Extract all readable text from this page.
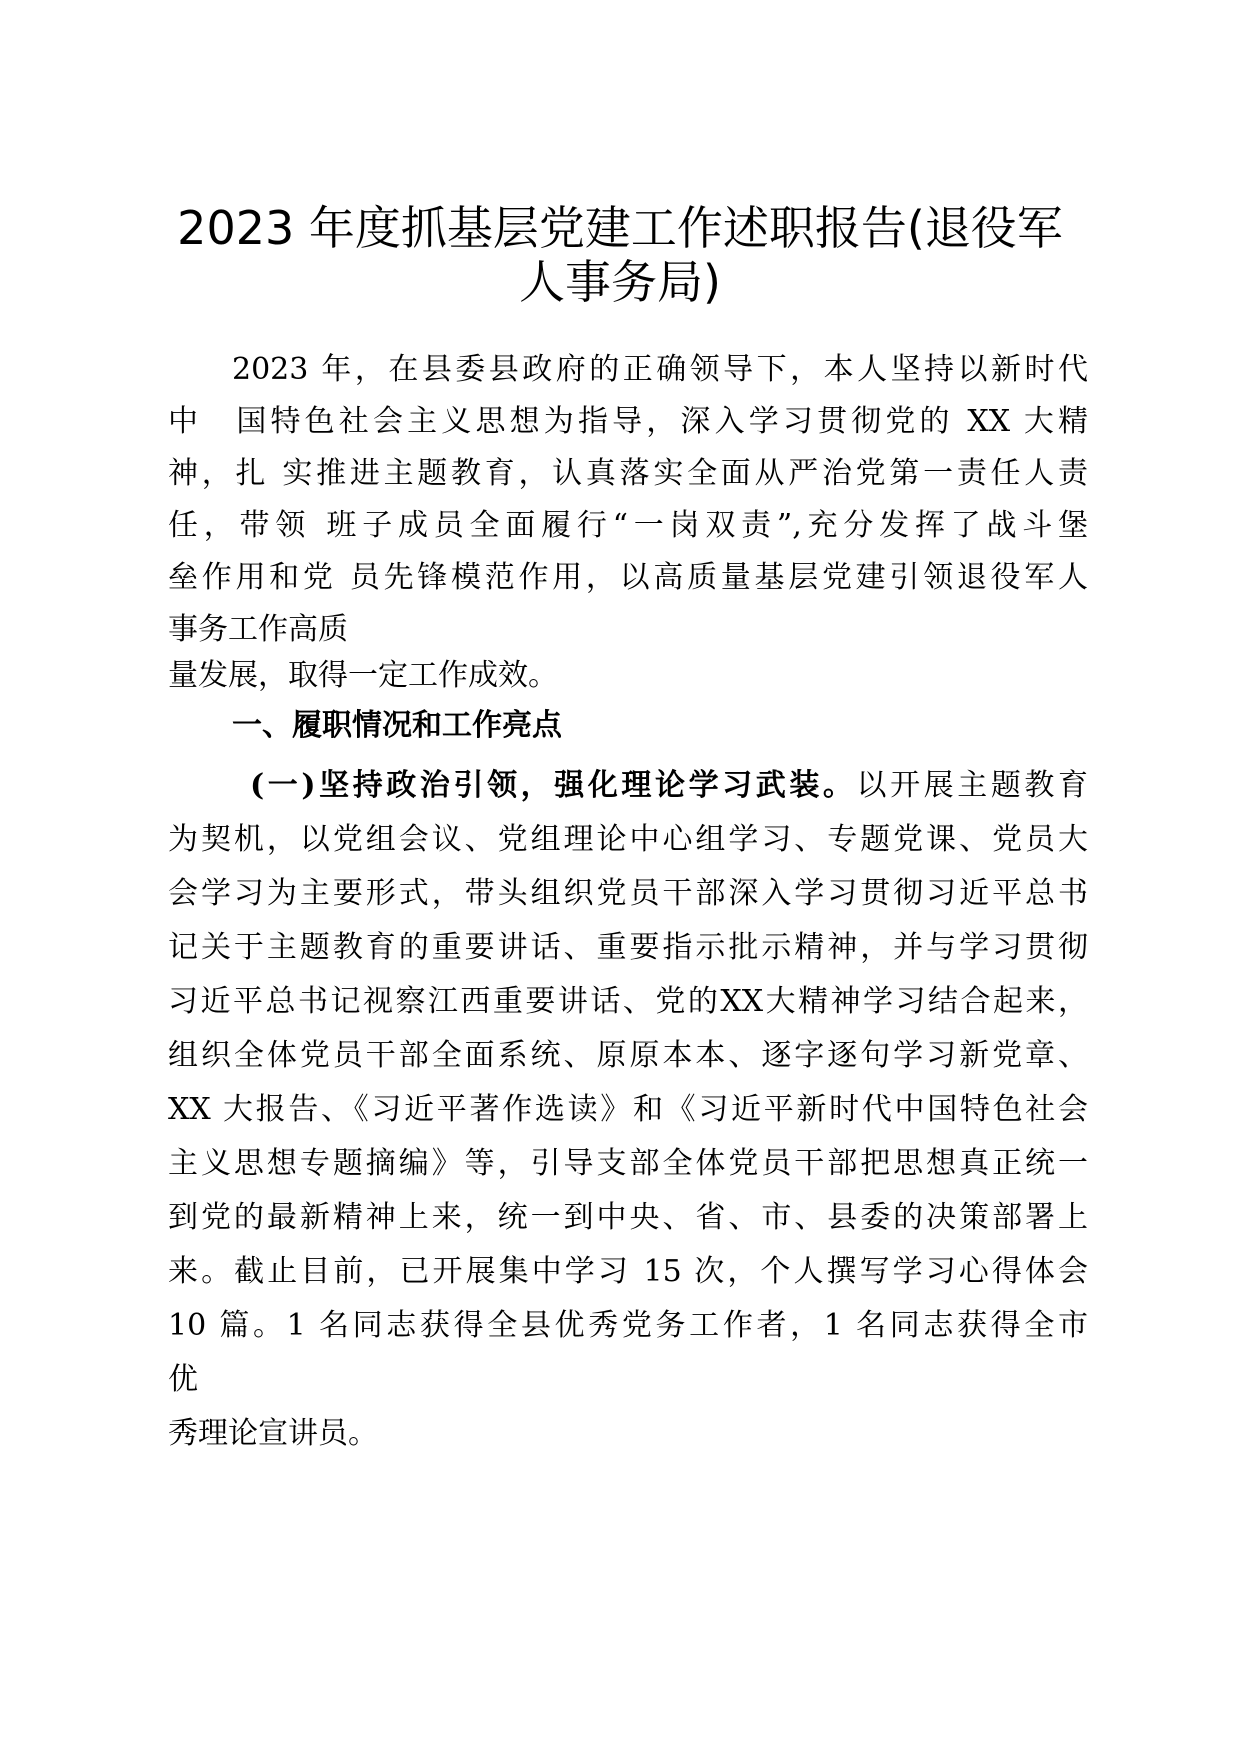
2023 年度抓基层党建工作述职报告(退役军
人事务局)
2023 年，在县委县政府的正确领导下，本人坚持以新时代
中　国特色社会主义思想为指导，深入学习贯彻党的 XX 大精
神，扎 实推进主题教育，认真落实全面从严治党第一责任人责
任，带领 班子成员全面履行“一岗双责”,充分发挥了战斗堡
垒作用和党 员先锋模范作用，以高质量基层党建引领退役军人
事务工作高质
量发展，取得一定工作成效。
一、履职情况和工作亮点
(一)坚持政治引领，强化理论学习武装。以开展主题教育
为契机，以党组会议、党组理论中心组学习、专题党课、党员大
会学习为主要形式，带头组织党员干部深入学习贯彻习近平总书
记关于主题教育的重要讲话、重要指示批示精神，并与学习贯彻
习近平总书记视察江西重要讲话、党的XX大精神学习结合起来，
组织全体党员干部全面系统、原原本本、逐字逐句学习新党章、
XX 大报告、《习近平著作选读》和《习近平新时代中国特色社会
主义思想专题摘编》等，引导支部全体党员干部把思想真正统一
到党的最新精神上来，统一到中央、省、市、县委的决策部署上
来。截止目前，已开展集中学习 15 次，个人撰写学习心得体会
10 篇。1 名同志获得全县优秀党务工作者，1 名同志获得全市
优
秀理论宣讲员。
